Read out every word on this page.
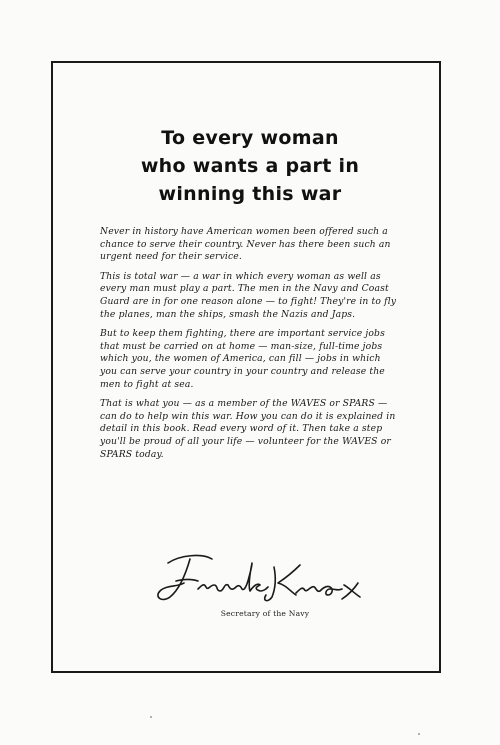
To every woman
who wants a part in
winning this war

Never in history have American women been offered such a chance to serve their country. Never has there been such an urgent need for their service.

This is total war — a war in which every woman as well as every man must play a part. The men in the Navy and Coast Guard are in for one reason alone — to fight! They're in to fly the planes, man the ships, smash the Nazis and Japs.

But to keep them fighting, there are important service jobs that must be carried on at home — man-size, full-time jobs which you, the women of America, can fill — jobs in which you can serve your country in your country and release the men to fight at sea.

That is what you — as a member of the WAVES or SPARS — can do to help win this war. How you can do it is explained in detail in this book. Read every word of it. Then take a step you'll be proud of all your life — volunteer for the WAVES or SPARS today.

Secretary of the Navy
